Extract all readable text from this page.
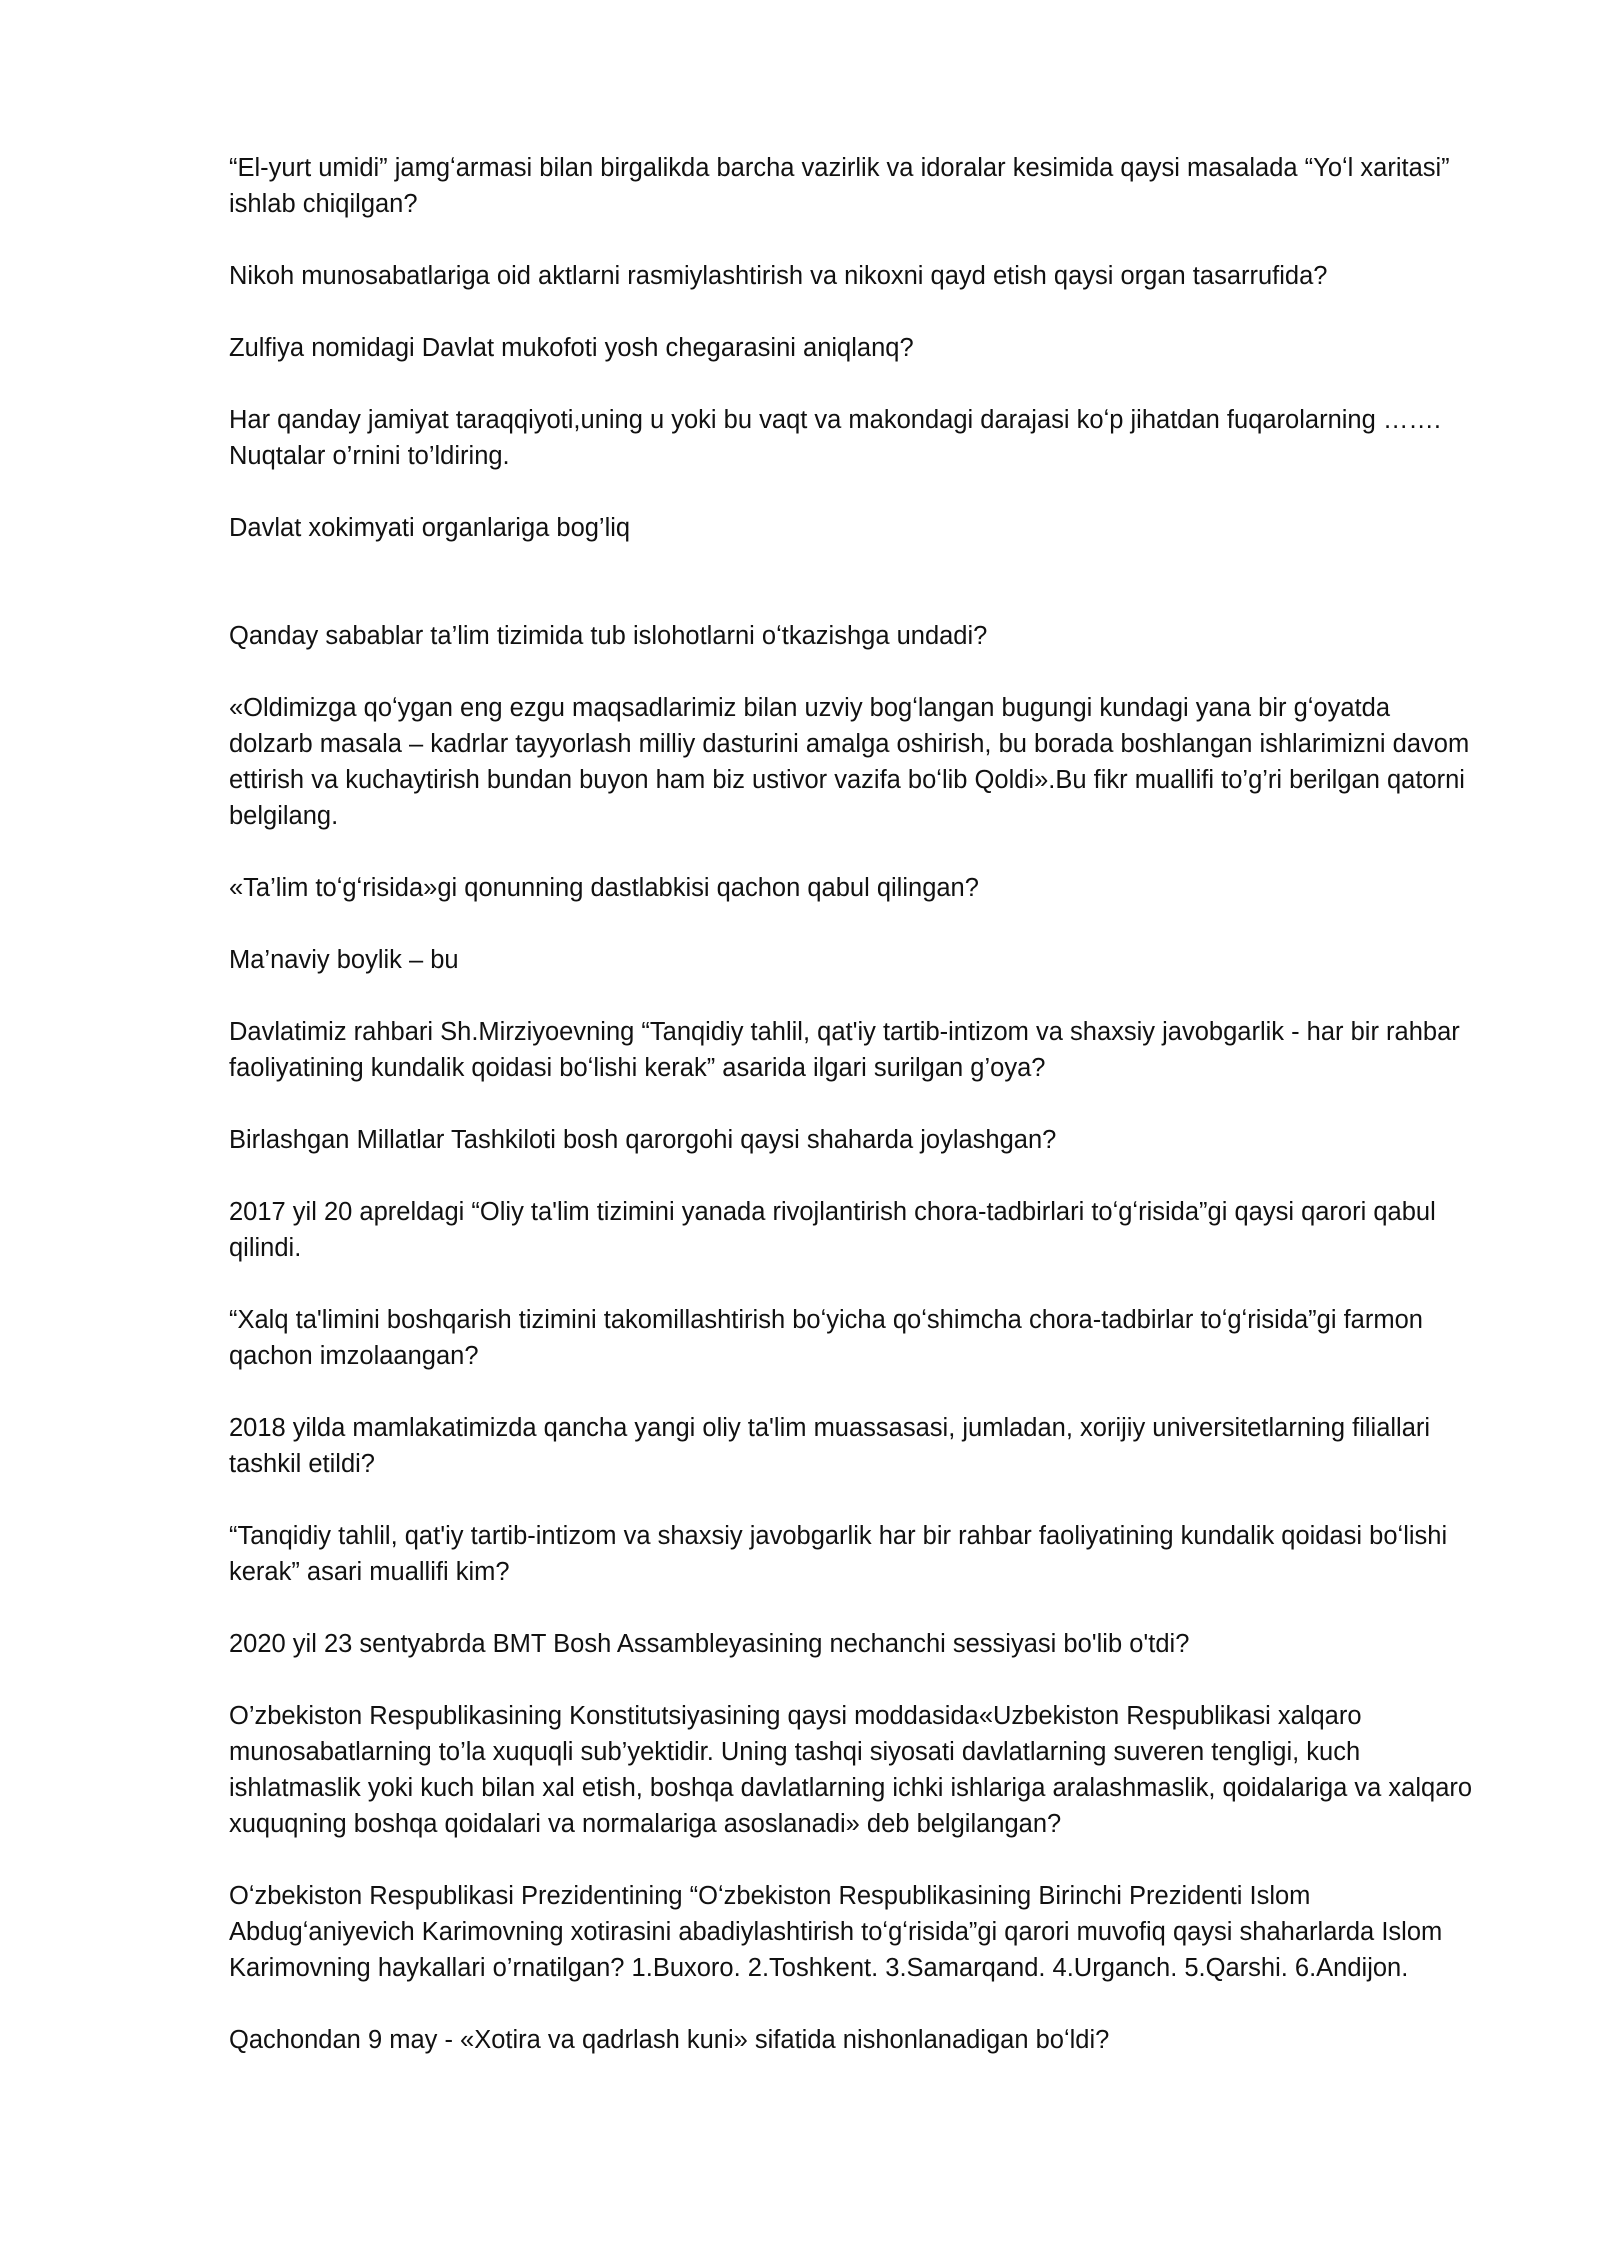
“El-yurt umidi” jamgʻarmasi bilan birgalikda barcha vazirlik va idoralar kesimida qaysi masalada “Yoʻl xaritasi” ishlab chiqilgan?

Nikoh munosabatlariga oid aktlarni rasmiylashtirish va nikoxni qayd etish qaysi organ tasarrufida?

Zulfiya nomidagi Davlat mukofoti yosh chegarasini aniqlanq?

Har qanday jamiyat taraqqiyoti,uning u yoki bu vaqt va makondagi darajasi koʻp jihatdan fuqarolarning ……. Nuqtalar o’rnini to’ldiring.

Davlat xokimyati organlariga bog’liq

Qanday sabablar ta’lim tizimida tub islohotlarni oʻtkazishga undadi?

«Oldimizga qoʻygan eng ezgu maqsadlarimiz bilan uzviy bogʻlangan bugungi kundagi yana bir gʻoyatda dolzarb masala – kadrlar tayyorlash milliy dasturini amalga oshirish, bu borada boshlangan ishlarimizni davom ettirish va kuchaytirish bundan buyon ham biz ustivor vazifa boʻlib Qoldi».Bu fikr muallifi to’g’ri berilgan qatorni belgilang.

«Ta’lim toʻgʻrisida»gi qonunning dastlabkisi qachon qabul qilingan?

Ma’naviy boylik – bu

Davlatimiz rahbari Sh.Mirziyoevning “Tanqidiy tahlil, qat'iy tartib-intizom va shaxsiy javobgarlik - har bir rahbar faoliyatining kundalik qoidasi boʻlishi kerak” asarida ilgari surilgan g’oya?

Birlashgan Millatlar Tashkiloti bosh qarorgohi qaysi shaharda joylashgan?

2017 yil 20 apreldagi “Oliy ta'lim tizimini yanada rivojlantirish chora-tadbirlari toʻgʻrisida”gi qaysi qarori qabul qilindi.

“Xalq ta'limini boshqarish tizimini takomillashtirish boʻyicha qoʻshimcha chora-tadbirlar toʻgʻrisida”gi farmon qachon imzolaangan?

2018 yilda mamlakatimizda qancha yangi oliy ta'lim muassasasi, jumladan, xorijiy universitetlarning filiallari tashkil etildi?

“Tanqidiy tahlil, qat'iy tartib-intizom va shaxsiy javobgarlik har bir rahbar faoliyatining kundalik qoidasi boʻlishi kerak” asari muallifi kim?

2020 yil 23 sentyabrda BMT Bosh Assambleyasining nechanchi sessiyasi bo'lib o'tdi?

O’zbekiston Respublikasining Konstitutsiyasining qaysi moddasida«Uzbekiston Respublikasi xalqaro munosabatlarning to’la xuquqli sub’yektidir. Uning tashqi siyosati davlatlarning suveren tengligi, kuch ishlatmaslik yoki kuch bilan xal etish, boshqa davlatlarning ichki ishlariga aralashmaslik, qoidalariga va xalqaro xuquqning boshqa qoidalari va normalariga asoslanadi» deb belgilangan?

Oʻzbekiston Respublikasi Prezidentining “Oʻzbekiston Respublikasining Birinchi Prezidenti Islom Abdugʻaniyevich Karimovning xotirasini abadiylashtirish toʻgʻrisida”gi qarori muvofiq qaysi shaharlarda Islom Karimovning haykallari o’rnatilgan? 1.Buxoro. 2.Toshkent. 3.Samarqand. 4.Urganch. 5.Qarshi. 6.Andijon.

Qachondan 9 may - «Xotira va qadrlash kuni» sifatida nishonlanadigan boʻldi?
